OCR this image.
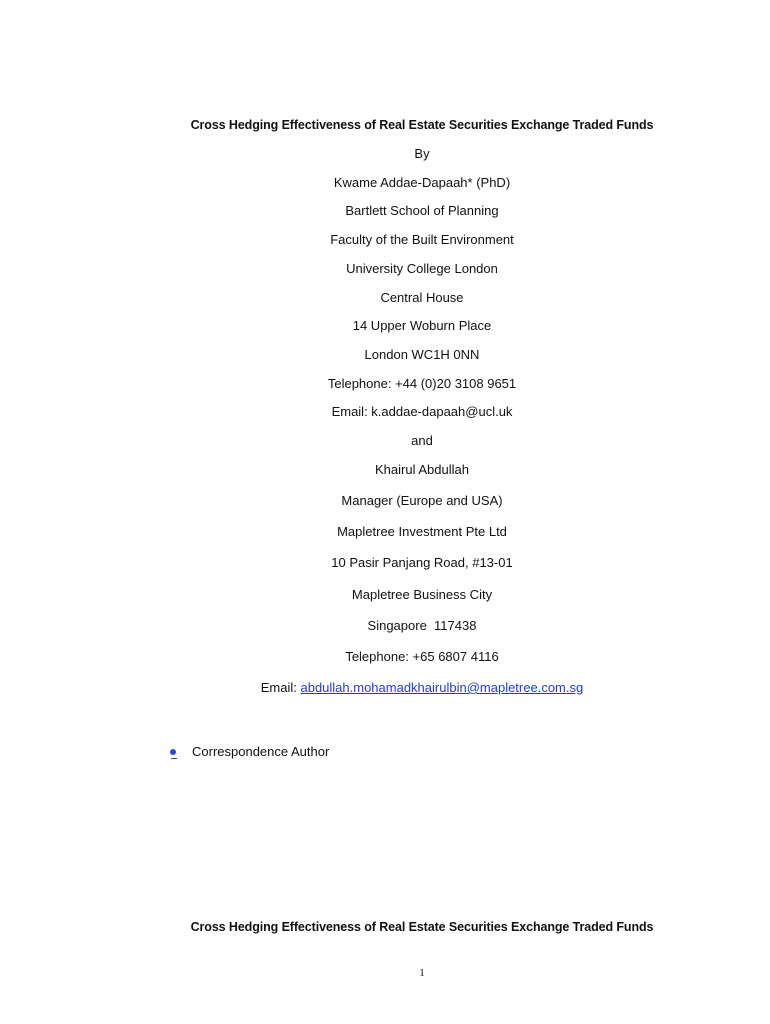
Cross Hedging Effectiveness of Real Estate Securities Exchange Traded Funds
By
Kwame Addae-Dapaah* (PhD)
Bartlett School of Planning
Faculty of the Built Environment
University College London
Central House
14 Upper Woburn Place
London WC1H 0NN
Telephone: +44 (0)20 3108 9651
Email: k.addae-dapaah@ucl.uk
and
Khairul Abdullah
Manager (Europe and USA)
Mapletree Investment Pte Ltd
10 Pasir Panjang Road, #13-01
Mapletree Business City
Singapore  117438
Telephone: +65 6807 4116
Email: abdullah.mohamadkhairulbin@mapletree.com.sg
Correspondence Author
Cross Hedging Effectiveness of Real Estate Securities Exchange Traded Funds
1
